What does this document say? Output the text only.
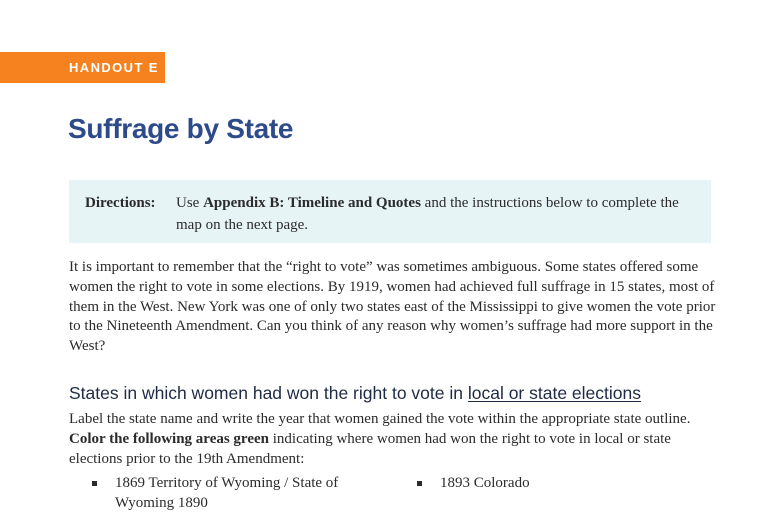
HANDOUT E
Suffrage by State
Directions:	Use Appendix B: Timeline and Quotes and the instructions below to complete the map on the next page.

It is important to remember that the “right to vote” was sometimes ambiguous. Some states offered some women the right to vote in some elections. By 1919, women had achieved full suffrage in 15 states, most of them in the West. New York was one of only two states east of the Mississippi to give women the vote prior to the Nineteenth Amendment. Can you think of any reason why women’s suffrage had more support in the West?

States in which women had won the right to vote in local or state elections

Label the state name and write the year that women gained the vote within the appropriate state outline. Color the following areas green indicating where women had won the right to vote in local or state elections prior to the 19th Amendment:

1869 Territory of Wyoming / State of Wyoming 1890
1893 Colorado
